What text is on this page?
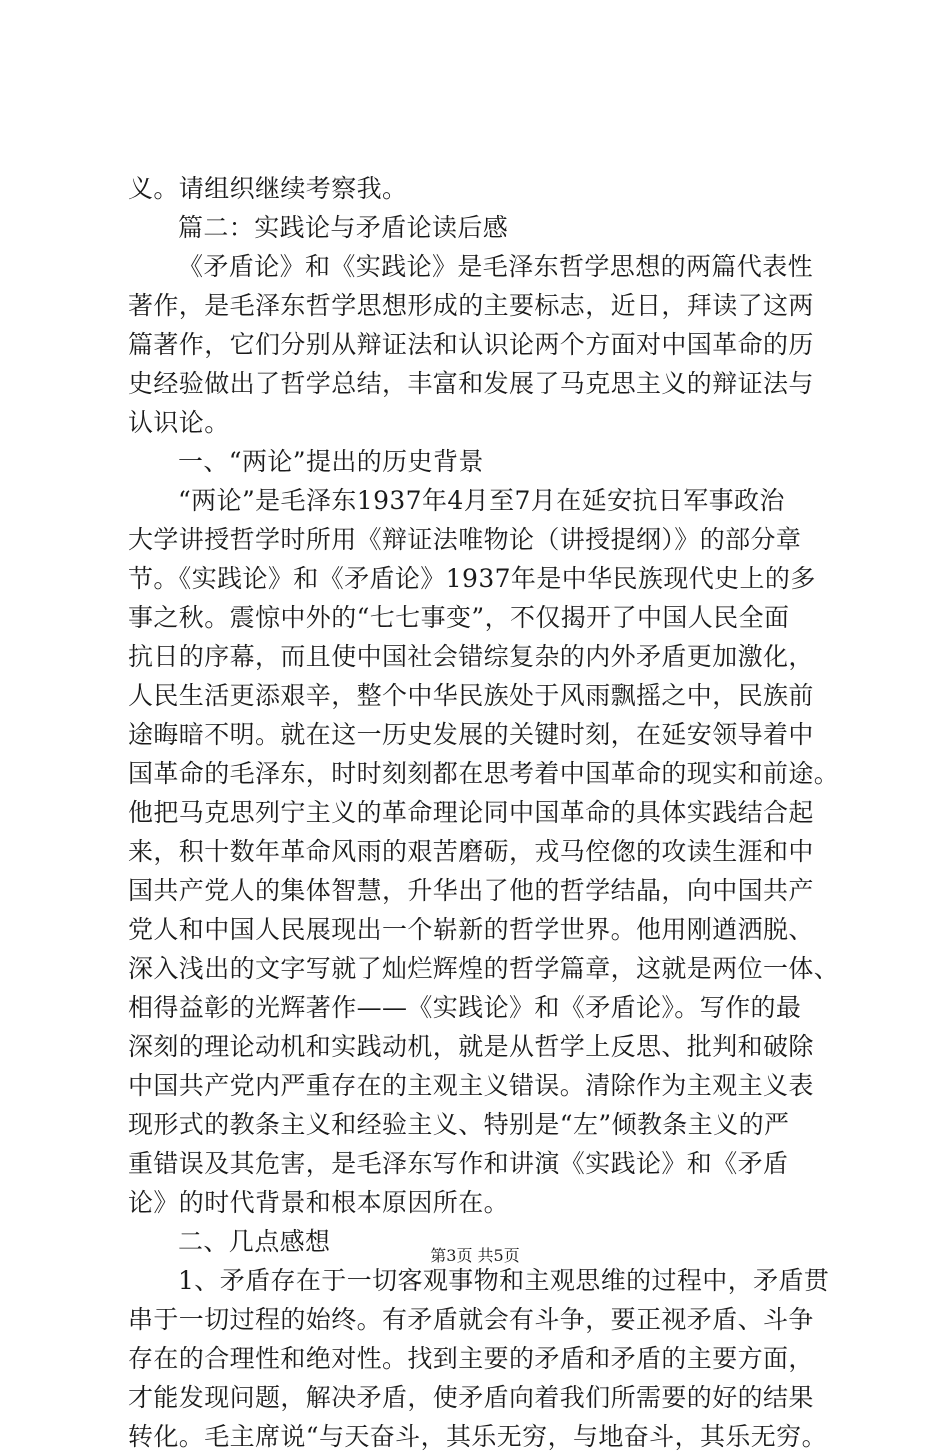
义。请组织继续考察我。
篇二：实践论与矛盾论读后感
《矛盾论》和《实践论》是毛泽东哲学思想的两篇代表性
著作，是毛泽东哲学思想形成的主要标志，近日，拜读了这两
篇著作，它们分别从辩证法和认识论两个方面对中国革命的历
史经验做出了哲学总结，丰富和发展了马克思主义的辩证法与
认识论。
一、“两论”提出的历史背景
“两论”是毛泽东1937年4月至7月在延安抗日军事政治
大学讲授哲学时所用《辩证法唯物论（讲授提纲）》的部分章
节。《实践论》和《矛盾论》1937年是中华民族现代史上的多
事之秋。震惊中外的“七七事变”，不仅揭开了中国人民全面
抗日的序幕，而且使中国社会错综复杂的内外矛盾更加激化，
人民生活更添艰辛，整个中华民族处于风雨飘摇之中，民族前
途晦暗不明。就在这一历史发展的关键时刻，在延安领导着中
国革命的毛泽东，时时刻刻都在思考着中国革命的现实和前途。
他把马克思列宁主义的革命理论同中国革命的具体实践结合起
来，积十数年革命风雨的艰苦磨砺，戎马倥偬的攻读生涯和中
国共产党人的集体智慧，升华出了他的哲学结晶，向中国共产
党人和中国人民展现出一个崭新的哲学世界。他用刚遒洒脱、
深入浅出的文字写就了灿烂辉煌的哲学篇章，这就是两位一体、
相得益彰的光辉著作——《实践论》和《矛盾论》。写作的最
深刻的理论动机和实践动机，就是从哲学上反思、批判和破除
中国共产党内严重存在的主观主义错误。清除作为主观主义表
现形式的教条主义和经验主义、特别是“左”倾教条主义的严
重错误及其危害，是毛泽东写作和讲演《实践论》和《矛盾
论》的时代背景和根本原因所在。
二、几点感想
1、矛盾存在于一切客观事物和主观思维的过程中，矛盾贯
串于一切过程的始终。有矛盾就会有斗争，要正视矛盾、斗争
存在的合理性和绝对性。找到主要的矛盾和矛盾的主要方面，
才能发现问题，解决矛盾，使矛盾向着我们所需要的好的结果
转化。毛主席说“与天奋斗，其乐无穷，与地奋斗，其乐无穷。
第3页 共5页
